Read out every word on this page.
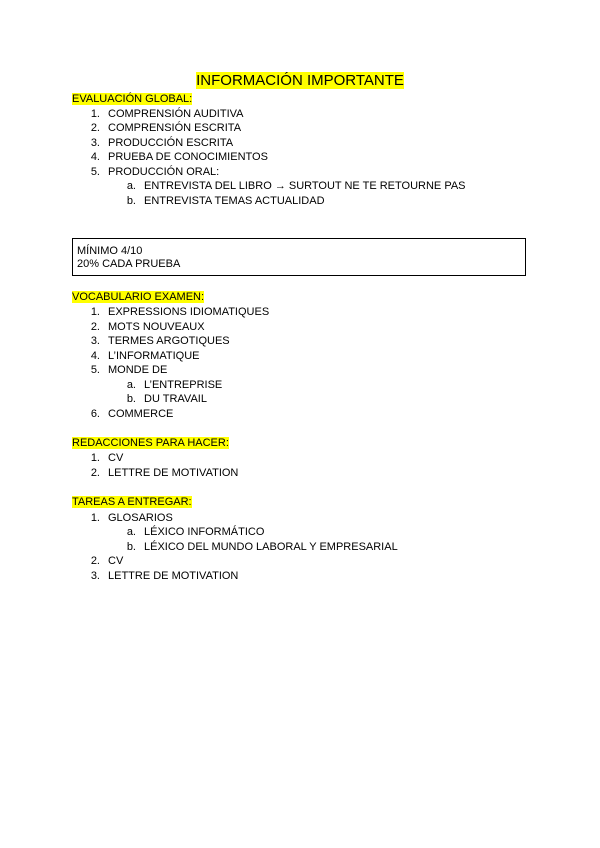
INFORMACIÓN IMPORTANTE
EVALUACIÓN GLOBAL:
1. COMPRENSIÓN AUDITIVA
2. COMPRENSIÓN ESCRITA
3. PRODUCCIÓN ESCRITA
4. PRUEBA DE CONOCIMIENTOS
5. PRODUCCIÓN ORAL:
a. ENTREVISTA DEL LIBRO → SURTOUT NE TE RETOURNE PAS
b. ENTREVISTA TEMAS ACTUALIDAD
MÍNIMO 4/10
20% CADA PRUEBA
VOCABULARIO EXAMEN:
1. EXPRESSIONS IDIOMATIQUES
2. MOTS NOUVEAUX
3. TERMES ARGOTIQUES
4. L’INFORMATIQUE
5. MONDE DE
a. L’ENTREPRISE
b. DU TRAVAIL
6. COMMERCE
REDACCIONES PARA HACER:
1. CV
2. LETTRE DE MOTIVATION
TAREAS A ENTREGAR:
1. GLOSARIOS
a. LÉXICO INFORMÁTICO
b. LÉXICO DEL MUNDO LABORAL Y EMPRESARIAL
2. CV
3. LETTRE DE MOTIVATION
